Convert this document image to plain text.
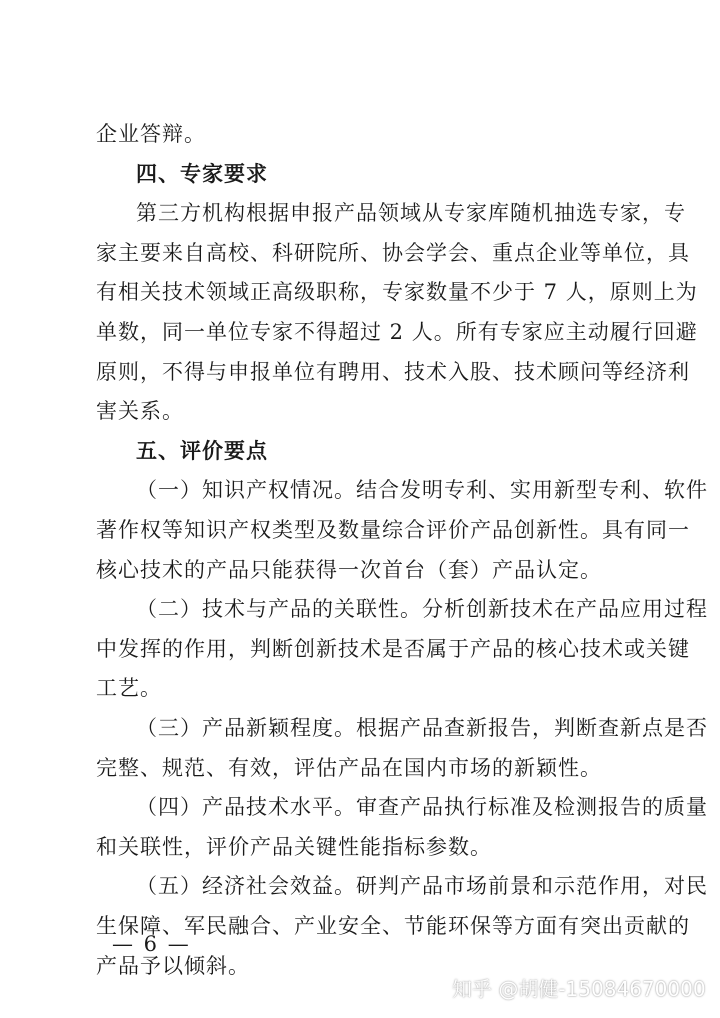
企业答辩。
四、专家要求
第三方机构根据申报产品领域从专家库随机抽选专家，专
家主要来自高校、科研院所、协会学会、重点企业等单位，具
有相关技术领域正高级职称，专家数量不少于 7 人，原则上为
单数，同一单位专家不得超过 2 人。所有专家应主动履行回避
原则，不得与申报单位有聘用、技术入股、技术顾问等经济利
害关系。
五、评价要点
（一）知识产权情况。结合发明专利、实用新型专利、软件
著作权等知识产权类型及数量综合评价产品创新性。具有同一
核心技术的产品只能获得一次首台（套）产品认定。
（二）技术与产品的关联性。分析创新技术在产品应用过程
中发挥的作用，判断创新技术是否属于产品的核心技术或关键
工艺。
（三）产品新颖程度。根据产品查新报告，判断查新点是否
完整、规范、有效，评估产品在国内市场的新颖性。
（四）产品技术水平。审查产品执行标准及检测报告的质量
和关联性，评价产品关键性能指标参数。
（五）经济社会效益。研判产品市场前景和示范作用，对民
生保障、军民融合、产业安全、节能环保等方面有突出贡献的
产品予以倾斜。
— 6 —
知乎 @胡健-15084670000
